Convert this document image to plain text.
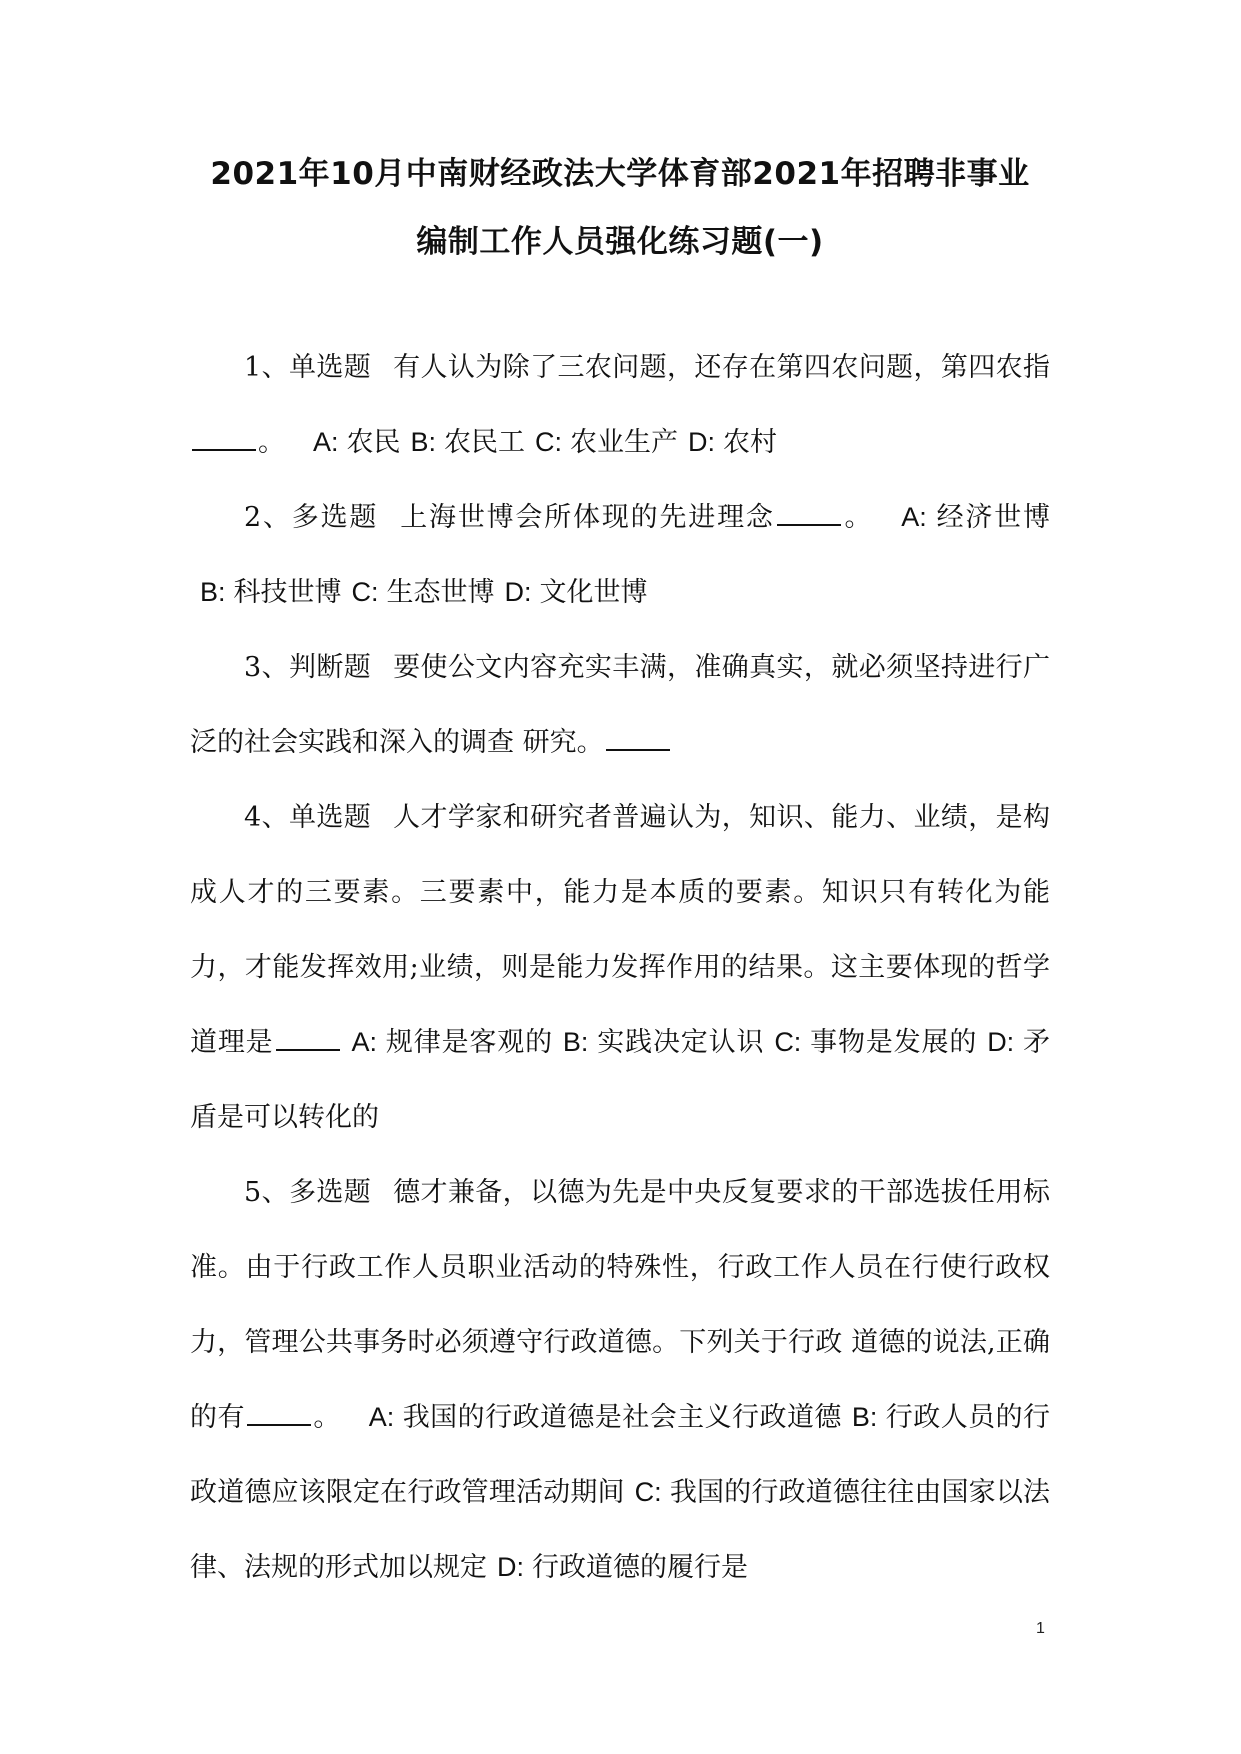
2021年10月中南财经政法大学体育部2021年招聘非事业
编制工作人员强化练习题(一)

1、单选题 有人认为除了三农问题，还存在第四农问题，第四农指。 A: 农民 B: 农民工 C: 农业生产 D: 农村

2、多选题 上海世博会所体现的先进理念	。 A: 经济世博B: 科技世博 C: 生态世博 D: 文化世博

3、判断题 要使公文内容充实丰满，准确真实，就必须坚持进行广泛的社会实践和深入的调查 研究。

4、单选题 人才学家和研究者普遍认为，知识、能力、业绩，是构成人才的三要素。三要素中，能力是本质的要素。知识只有转化为能力，才能发挥效用;业绩，则是能力发挥作用的结果。这主要体现的哲学道理是	A: 规律是客观的 B: 实践决定认识 C: 事物是发展的 D: 矛盾是可以转化的

5、多选题 德才兼备，以德为先是中央反复要求的干部选拔任用标准。由于行政工作人员职业活动的特殊性，行政工作人员在行使行政权力，管理公共事务时必须遵守行政道德。下列关于行政 道德的说法,正确的有	。 A: 我国的行政道德是社会主义行政道德 B: 行政人员的行政道德应该限定在行政管理活动期间 C: 我国的行政道德往往由国家以法律、法规的形式加以规定 D: 行政道德的履行是

1
